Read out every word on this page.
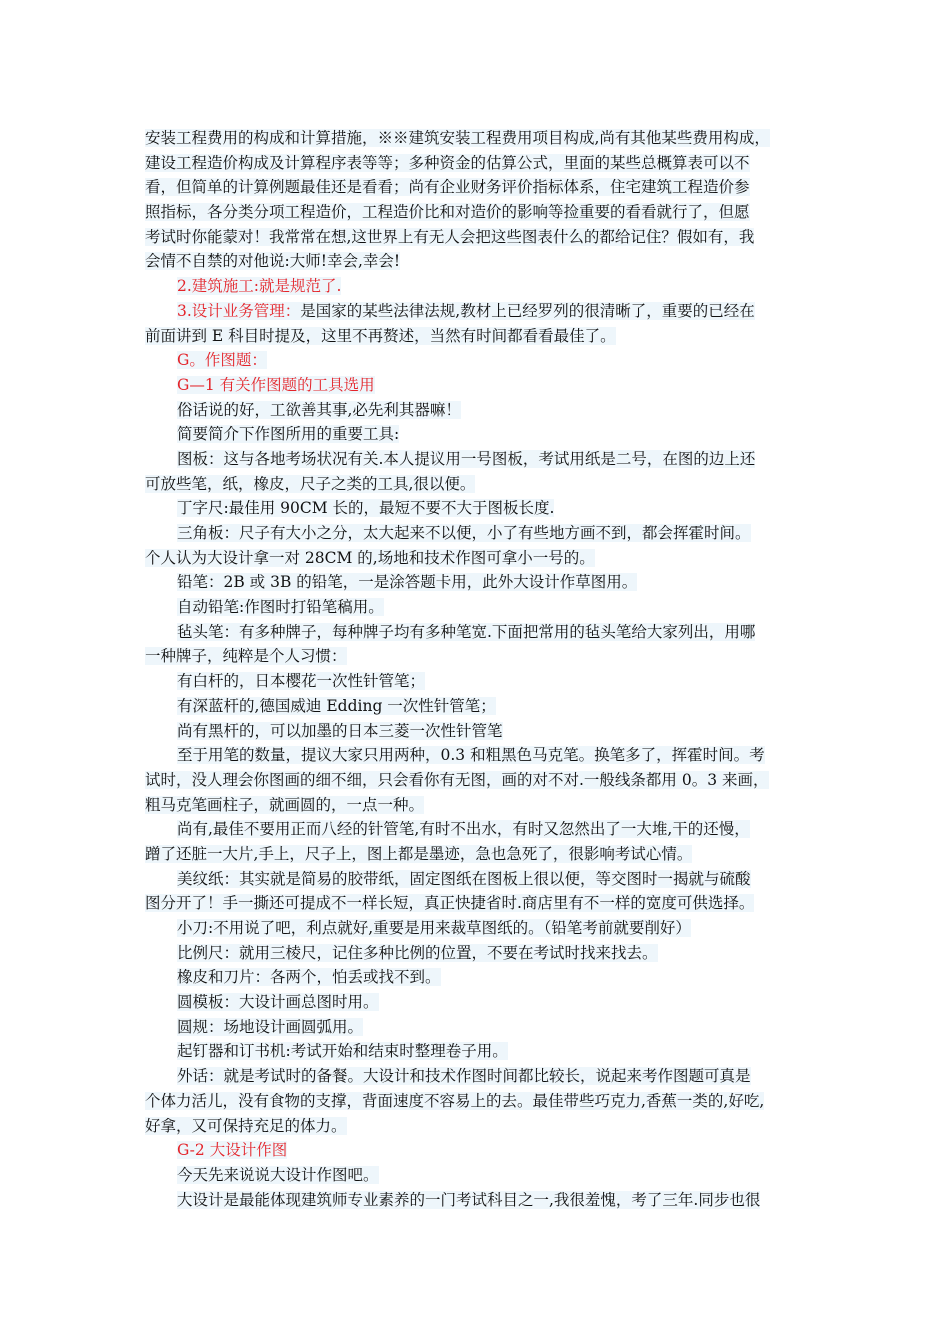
安装工程费用的构成和计算措施，※※建筑安装工程费用项目构成,尚有其他某些费用构成，
建设工程造价构成及计算程序表等等；多种资金的估算公式，里面的某些总概算表可以不
看，但简单的计算例题最佳还是看看；尚有企业财务评价指标体系，住宅建筑工程造价参
照指标，各分类分项工程造价，工程造价比和对造价的影响等捡重要的看看就行了，但愿
考试时你能蒙对！我常常在想,这世界上有无人会把这些图表什么的都给记住？假如有，我
会情不自禁的对他说:大师!幸会,幸会!
2.建筑施工:就是规范了.
3.设计业务管理：是国家的某些法律法规,教材上已经罗列的很清晰了，重要的已经在
前面讲到 E 科目时提及，这里不再赘述，当然有时间都看看最佳了。
G。作图题：
G—1 有关作图题的工具选用
俗话说的好，工欲善其事,必先利其器嘛！
简要简介下作图所用的重要工具:
图板：这与各地考场状况有关.本人提议用一号图板，考试用纸是二号，在图的边上还
可放些笔，纸，橡皮，尺子之类的工具,很以便。
丁字尺:最佳用 90CM 长的，最短不要不大于图板长度.
三角板：尺子有大小之分，太大起来不以便，小了有些地方画不到，都会挥霍时间。
个人认为大设计拿一对 28CM 的,场地和技术作图可拿小一号的。
铅笔：2B 或 3B 的铅笔，一是涂答题卡用，此外大设计作草图用。
自动铅笔:作图时打铅笔稿用。
毡头笔：有多种牌子，每种牌子均有多种笔宽.下面把常用的毡头笔给大家列出，用哪
一种牌子，纯粹是个人习惯：
有白杆的，日本樱花一次性针管笔；
有深蓝杆的,德国威迪 Edding 一次性针管笔；
尚有黑杆的，可以加墨的日本三菱一次性针管笔
至于用笔的数量，提议大家只用两种，0.3 和粗黑色马克笔。换笔多了，挥霍时间。考
试时，没人理会你图画的细不细，只会看你有无图，画的对不对.一般线条都用 0。3 来画，
粗马克笔画柱子，就画圆的，一点一种。
尚有,最佳不要用正而八经的针管笔,有时不出水，有时又忽然出了一大堆,干的还慢，
蹭了还脏一大片,手上，尺子上，图上都是墨迹，急也急死了，很影响考试心情。
美纹纸：其实就是简易的胶带纸，固定图纸在图板上很以便，等交图时一揭就与硫酸
图分开了！手一撕还可提成不一样长短，真正快捷省时.商店里有不一样的宽度可供选择。
小刀:不用说了吧，利点就好,重要是用来裁草图纸的。（铅笔考前就要削好）
比例尺：就用三棱尺，记住多种比例的位置，不要在考试时找来找去。
橡皮和刀片：各两个，怕丢或找不到。
圆模板：大设计画总图时用。
圆规：场地设计画圆弧用。
起钉器和订书机:考试开始和结束时整理卷子用。
外话：就是考试时的备餐。大设计和技术作图时间都比较长，说起来考作图题可真是
个体力活儿，没有食物的支撑，背面速度不容易上的去。最佳带些巧克力,香蕉一类的,好吃,
好拿，又可保持充足的体力。
G-2 大设计作图
今天先来说说大设计作图吧。
大设计是最能体现建筑师专业素养的一门考试科目之一,我很羞愧，考了三年.同步也很
